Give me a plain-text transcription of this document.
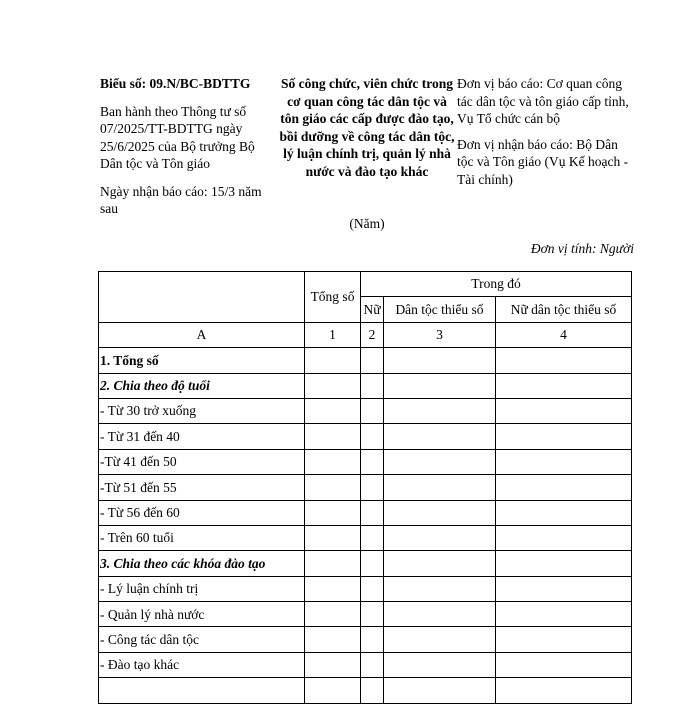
Biểu số: 09.N/BC-BDTTG

Ban hành theo Thông tư số 07/2025/TT-BDTTG ngày 25/6/2025 của Bộ trưởng Bộ Dân tộc và Tôn giáo

Ngày nhận báo cáo: 15/3 năm sau

Số công chức, viên chức trong cơ quan công tác dân tộc và tôn giáo các cấp được đào tạo, bồi dưỡng về công tác dân tộc, lý luận chính trị, quản lý nhà nước và đào tạo khác

(Năm)

Đơn vị báo cáo: Cơ quan công tác dân tộc và tôn giáo cấp tỉnh, Vụ Tổ chức cán bộ

Đơn vị nhận báo cáo: Bộ Dân tộc và Tôn giáo (Vụ Kế hoạch - Tài chính)

Đơn vị tính: Người
	Tổng số	Trong đó		
		Nữ	Dân tộc thiểu số	Nữ dân tộc thiểu số
A	1	2	3	4
1. Tổng số				
2. Chia theo độ tuổi				
- Từ 30 trở xuống				
- Từ 31 đến 40				
-Từ 41 đến 50				
-Từ 51 đến 55				
- Từ 56 đến 60				
- Trên 60 tuổi				
3. Chia theo các khóa đào tạo				
- Lý luận chính trị				
- Quản lý nhà nước				
- Công tác dân tộc				
- Đào tạo khác				
